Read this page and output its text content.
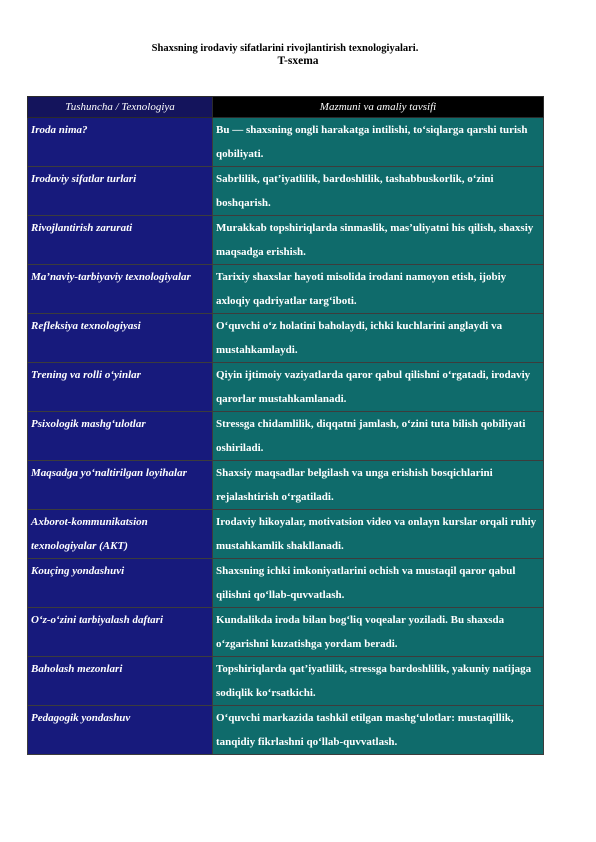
Shaxsning irodaviy sifatlarini rivojlantirish texnologiyalari.
T-sxema
Tushuncha / Texnologiya	Mazmuni va amaliy tavsifi
Iroda nima?	Bu — shaxsning ongli harakatga intilishi, to‘siqlarga qarshi turish qobiliyati.
Irodaviy sifatlar turlari	Sabrlilik, qat’iyatlilik, bardoshlilik, tashabbuskorlik, o‘zini boshqarish.
Rivojlantirish zarurati	Murakkab topshiriqlarda sinmaslik, mas’uliyatni his qilish, shaxsiy maqsadga erishish.
Ma’naviy-tarbiyaviy texnologiyalar	Tarixiy shaxslar hayoti misolida irodani namoyon etish, ijobiy axloqiy qadriyatlar targ‘iboti.
Refleksiya texnologiyasi	O‘quvchi o‘z holatini baholaydi, ichki kuchlarini anglaydi va mustahkamlaydi.
Trening va rolli o‘yinlar	Qiyin ijtimoiy vaziyatlarda qaror qabul qilishni o‘rgatadi, irodaviy qarorlar mustahkamlanadi.
Psixologik mashg‘ulotlar	Stressga chidamlilik, diqqatni jamlash, o‘zini tuta bilish qobiliyati oshiriladi.
Maqsadga yo‘naltirilgan loyihalar	Shaxsiy maqsadlar belgilash va unga erishish bosqichlarini rejalashtirish o‘rgatiladi.
Axborot-kommunikatsion texnologiyalar (AKT)	Irodaviy hikoyalar, motivatsion video va onlayn kurslar orqali ruhiy mustahkamlik shakllanadi.
Kouçing yondashuvi	Shaxsning ichki imkoniyatlarini ochish va mustaqil qaror qabul qilishni qo‘llab-quvvatlash.
O‘z-o‘zini tarbiyalash daftari	Kundalikda iroda bilan bog‘liq voqealar yoziladi. Bu shaxsda o‘zgarishni kuzatishga yordam beradi.
Baholash mezonlari	Topshiriqlarda qat’iyatlilik, stressga bardoshlilik, yakuniy natijaga sodiqlik ko‘rsatkichi.
Pedagogik yondashuv	O‘quvchi markazida tashkil etilgan mashg‘ulotlar: mustaqillik, tanqidiy fikrlashni qo‘llab-quvvatlash.
